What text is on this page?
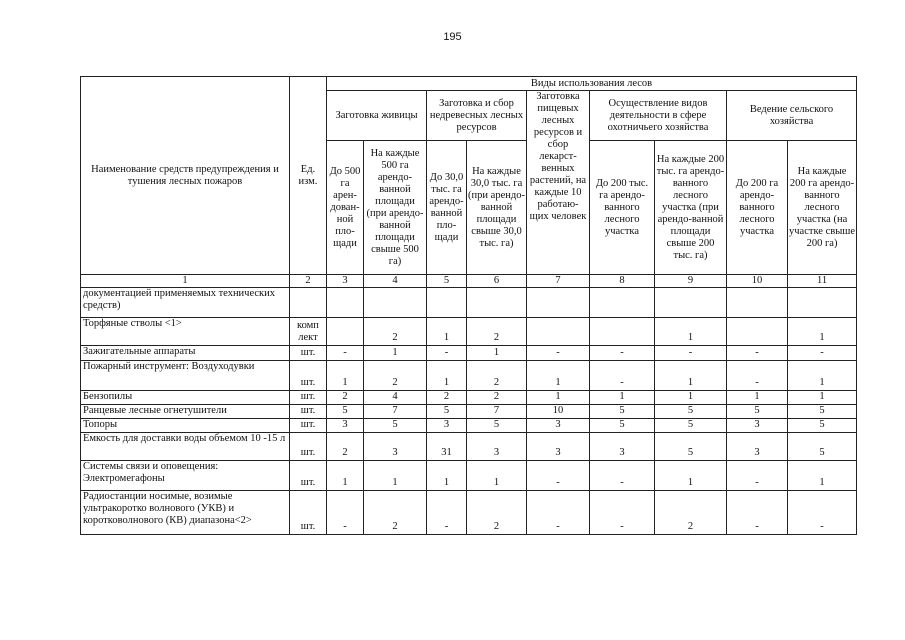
195
Наименование средств предупреждения и тушения лесных пожаров	Ед. изм.	Виды использования лесов								
		Заготовка живицы		Заготовка и сбор недревесных лесных ресурсов		Заготовка пищевых лесных ресурсов и сбор лекарст-венных растений, на каждые 10 работаю-щих человек	Осуществление видов деятельности в сфере охотничьего хозяйства		Ведение сельского хозяйства	
		До 500 га арен-дован-ной пло-щади	На каждые 500 га арендо-ванной площади (при арендо-ванной площади свыше 500 га)	До 30,0 тыс. га арендо-ванной пло-щади	На каждые 30,0 тыс. га (при арендо-ванной площади свыше 30,0 тыс. га)		До 200 тыс. га арендо-ванного лесного участка	На каждые 200 тыс. га арендо-ванного лесного участка (при арендо-ванной площади свыше 200 тыс. га)	До 200 га арендо-ванного лесного участка	На каждые 200 га арендо-ванного лесного участка (на участке свыше 200 га)

1	2	3	4	5	6	7	8	9	10	11
документацией применяемых технических средств)										
Торфяные стволы <1>	комп лект		2	1	2			1		1
Зажигательные аппараты	шт.	-	1	-	1	-	-	-	-	-
Пожарный инструмент: Воздуходувки	шт.	1	2	1	2	1	-	1	-	1
Бензопилы	шт.	2	4	2	2	1	1	1	1	1
Ранцевые лесные огнетушители	шт.	5	7	5	7	10	5	5	5	5
Топоры	шт.	3	5	3	5	3	5	5	3	5
Емкость для доставки воды объемом 10 -15 л	шт.	2	3	31	3	3	3	5	3	5
Системы связи и оповещения: Электромегафоны	шт.	1	1	1	1	-	-	1	-	1
Радиостанции носимые, возимые ультракоротко волнового (УКВ) и коротковолнового (КВ) диапазона<2>	шт.	-	2	-	2	-	-	2	-	-
